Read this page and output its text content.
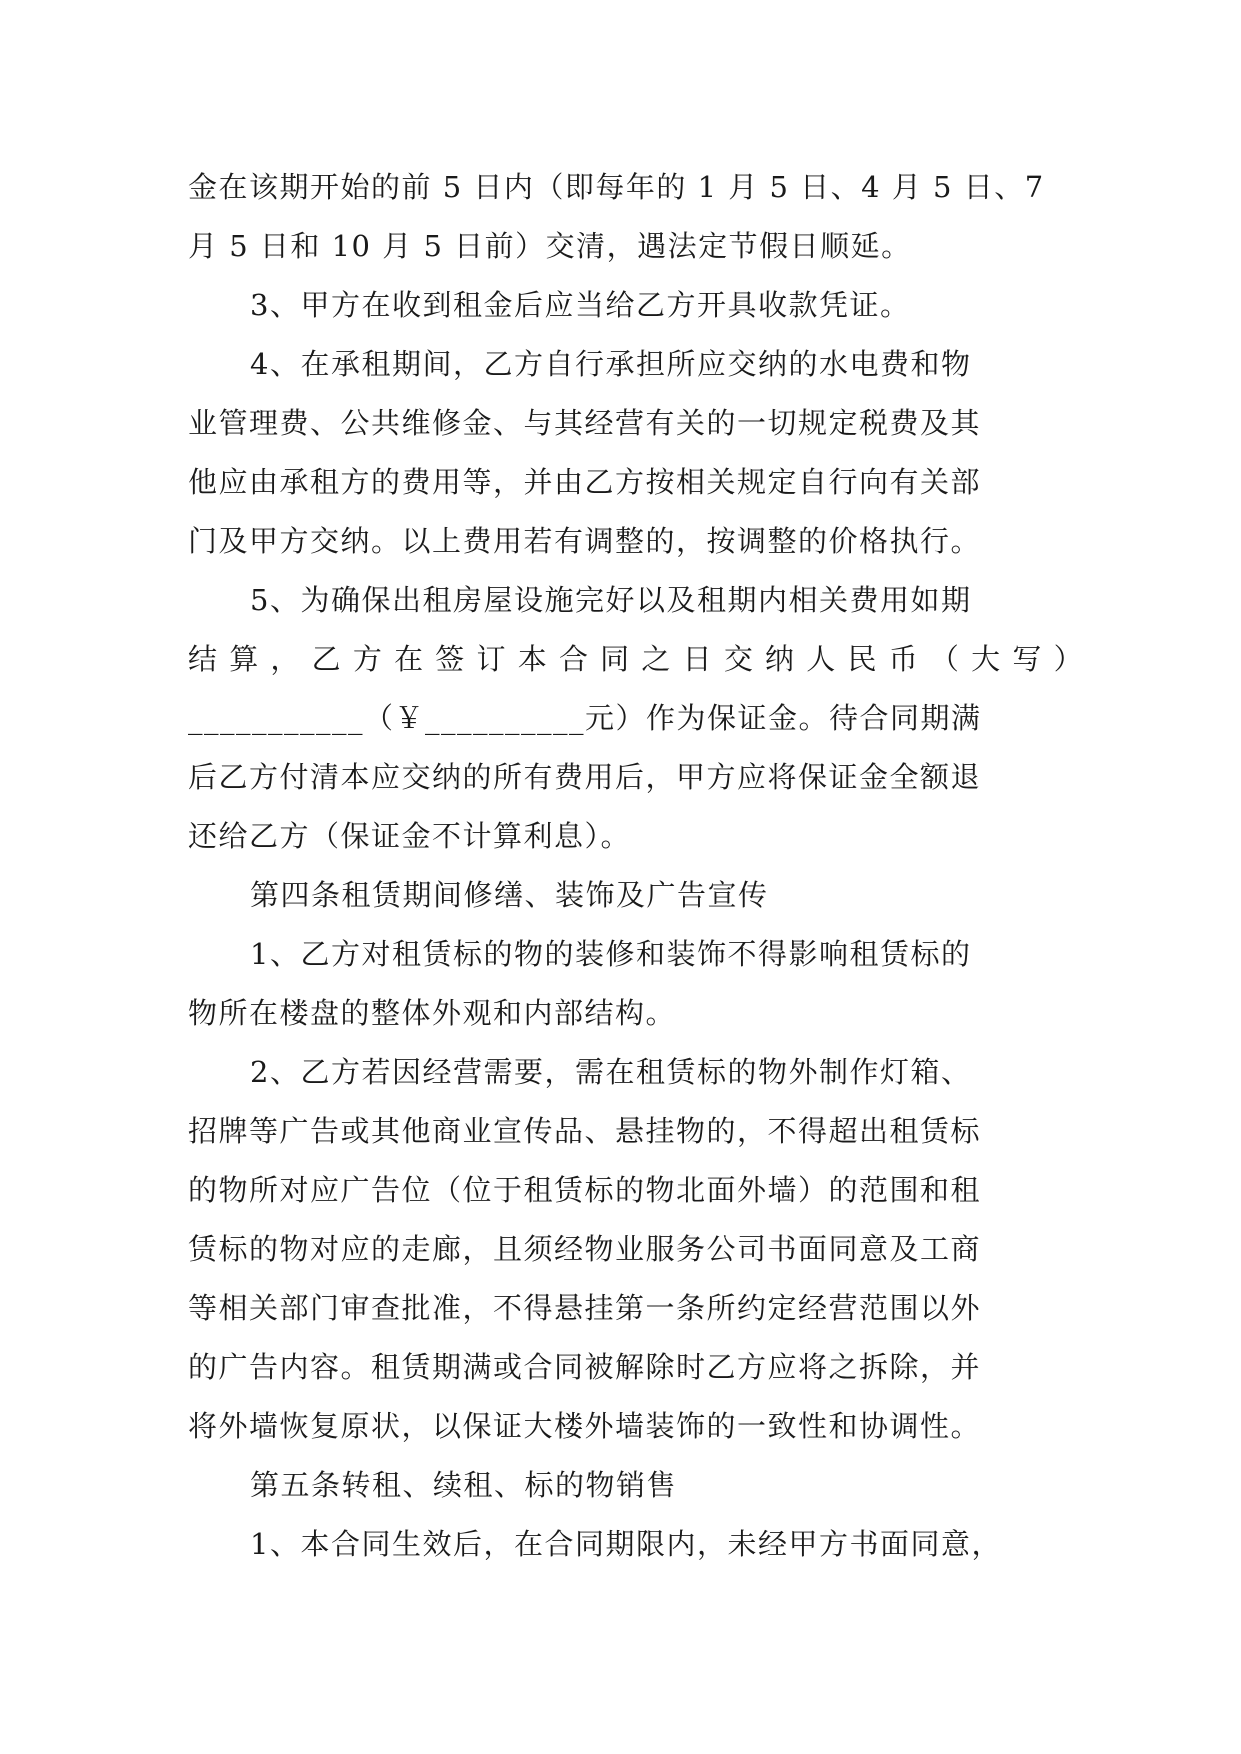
金在该期开始的前 5 日内（即每年的 1 月 5 日、4 月 5 日、7
月 5 日和 10 月 5 日前）交清，遇法定节假日顺延。
3、甲方在收到租金后应当给乙方开具收款凭证。
4、在承租期间，乙方自行承担所应交纳的水电费和物
业管理费、公共维修金、与其经营有关的一切规定税费及其
他应由承租方的费用等，并由乙方按相关规定自行向有关部
门及甲方交纳。以上费用若有调整的，按调整的价格执行。
5、为确保出租房屋设施完好以及租期内相关费用如期
结 算 ， 乙 方 在 签 订 本 合 同 之 日 交 纳 人 民 币 （ 大 写 ）
___________（￥__________元）作为保证金。待合同期满
后乙方付清本应交纳的所有费用后，甲方应将保证金全额退
还给乙方（保证金不计算利息）。
第四条租赁期间修缮、装饰及广告宣传
1、乙方对租赁标的物的装修和装饰不得影响租赁标的
物所在楼盘的整体外观和内部结构。
2、乙方若因经营需要，需在租赁标的物外制作灯箱、
招牌等广告或其他商业宣传品、悬挂物的，不得超出租赁标
的物所对应广告位（位于租赁标的物北面外墙）的范围和租
赁标的物对应的走廊，且须经物业服务公司书面同意及工商
等相关部门审查批准，不得悬挂第一条所约定经营范围以外
的广告内容。租赁期满或合同被解除时乙方应将之拆除，并
将外墙恢复原状，以保证大楼外墙装饰的一致性和协调性。
第五条转租、续租、标的物销售
1、本合同生效后，在合同期限内，未经甲方书面同意，
